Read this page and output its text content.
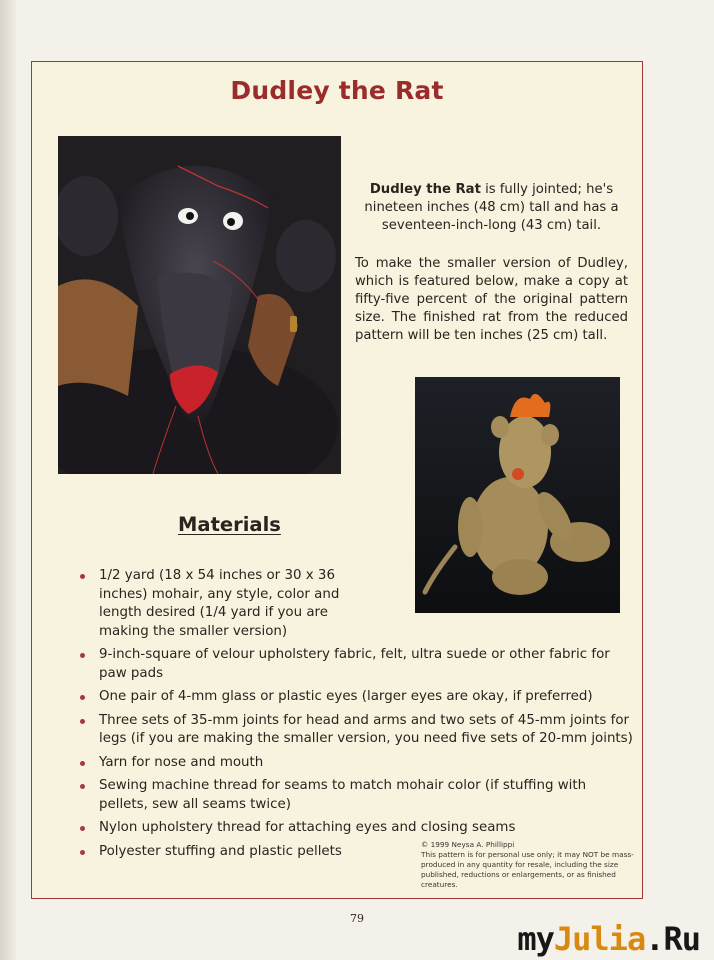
Dudley the Rat
Dudley the Rat is fully jointed; he's nineteen inches (48 cm) tall and has a seventeen-inch-long (43 cm) tail.
To make the smaller version of Dudley, which is featured below, make a copy at fifty-five percent of the original pattern size. The finished rat from the reduced pattern will be ten inches (25 cm) tall.
Materials
1/2 yard (18 x 54 inches or 30 x 36 inches) mohair, any style, color and length desired (1/4 yard if you are making the smaller version)
9-inch-square of velour upholstery fabric, felt, ultra suede or other fabric for paw pads
One pair of 4-mm glass or plastic eyes (larger eyes are okay, if preferred)
Three sets of 35-mm joints for head and arms and two sets of 45-mm joints for legs (if you are making the smaller version, you need five sets of 20-mm joints)
Yarn for nose and mouth
Sewing machine thread for seams to match mohair color (if stuffing with pellets, sew all seams twice)
Nylon upholstery thread for attaching eyes and closing seams
Polyester stuffing and plastic pellets	© 1999 Neysa A. Phillippi
This pattern is for personal use only; it may NOT be mass-produced in any quantity for resale, including the size published, reductions or enlargements, or as finished creatures.
79
myJulia.Ru
